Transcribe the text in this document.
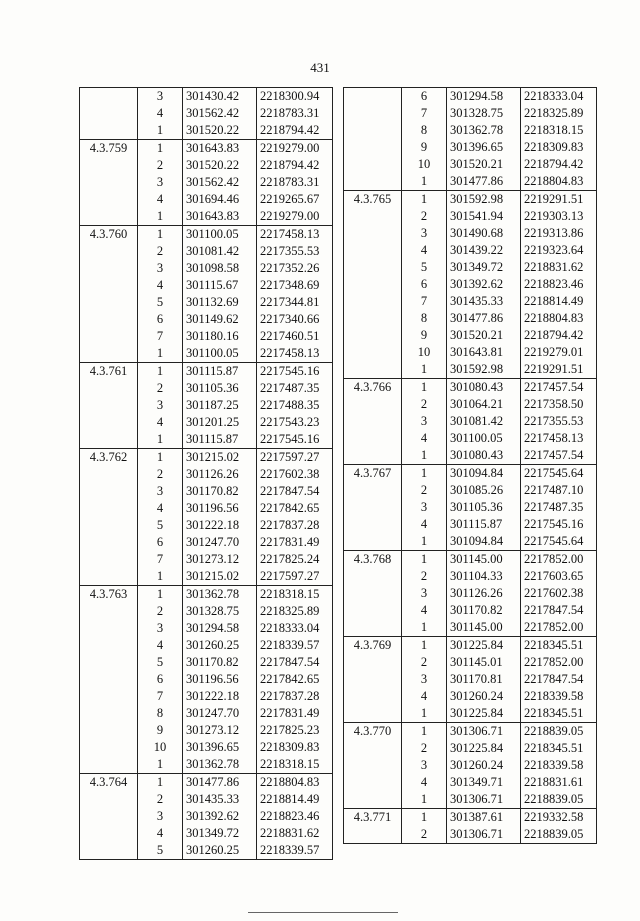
431
	3	301430.42	2218300.94
	4	301562.42	2218783.31
	1	301520.22	2218794.42
4.3.759	1	301643.83	2219279.00
	2	301520.22	2218794.42
	3	301562.42	2218783.31
	4	301694.46	2219265.67
	1	301643.83	2219279.00
4.3.760	1	301100.05	2217458.13
	2	301081.42	2217355.53
	3	301098.58	2217352.26
	4	301115.67	2217348.69
	5	301132.69	2217344.81
	6	301149.62	2217340.66
	7	301180.16	2217460.51
	1	301100.05	2217458.13
4.3.761	1	301115.87	2217545.16
	2	301105.36	2217487.35
	3	301187.25	2217488.35
	4	301201.25	2217543.23
	1	301115.87	2217545.16
4.3.762	1	301215.02	2217597.27
	2	301126.26	2217602.38
	3	301170.82	2217847.54
	4	301196.56	2217842.65
	5	301222.18	2217837.28
	6	301247.70	2217831.49
	7	301273.12	2217825.24
	1	301215.02	2217597.27
4.3.763	1	301362.78	2218318.15
	2	301328.75	2218325.89
	3	301294.58	2218333.04
	4	301260.25	2218339.57
	5	301170.82	2217847.54
	6	301196.56	2217842.65
	7	301222.18	2217837.28
	8	301247.70	2217831.49
	9	301273.12	2217825.23
	10	301396.65	2218309.83
	1	301362.78	2218318.15
4.3.764	1	301477.86	2218804.83
	2	301435.33	2218814.49
	3	301392.62	2218823.46
	4	301349.72	2218831.62
	5	301260.25	2218339.57
	6	301294.58	2218333.04
	7	301328.75	2218325.89
	8	301362.78	2218318.15
	9	301396.65	2218309.83
	10	301520.21	2218794.42
	1	301477.86	2218804.83
4.3.765	1	301592.98	2219291.51
	2	301541.94	2219303.13
	3	301490.68	2219313.86
	4	301439.22	2219323.64
	5	301349.72	2218831.62
	6	301392.62	2218823.46
	7	301435.33	2218814.49
	8	301477.86	2218804.83
	9	301520.21	2218794.42
	10	301643.81	2219279.01
	1	301592.98	2219291.51
4.3.766	1	301080.43	2217457.54
	2	301064.21	2217358.50
	3	301081.42	2217355.53
	4	301100.05	2217458.13
	1	301080.43	2217457.54
4.3.767	1	301094.84	2217545.64
	2	301085.26	2217487.10
	3	301105.36	2217487.35
	4	301115.87	2217545.16
	1	301094.84	2217545.64
4.3.768	1	301145.00	2217852.00
	2	301104.33	2217603.65
	3	301126.26	2217602.38
	4	301170.82	2217847.54
	1	301145.00	2217852.00
4.3.769	1	301225.84	2218345.51
	2	301145.01	2217852.00
	3	301170.81	2217847.54
	4	301260.24	2218339.58
	1	301225.84	2218345.51
4.3.770	1	301306.71	2218839.05
	2	301225.84	2218345.51
	3	301260.24	2218339.58
	4	301349.71	2218831.61
	1	301306.71	2218839.05
4.3.771	1	301387.61	2219332.58
	2	301306.71	2218839.05
